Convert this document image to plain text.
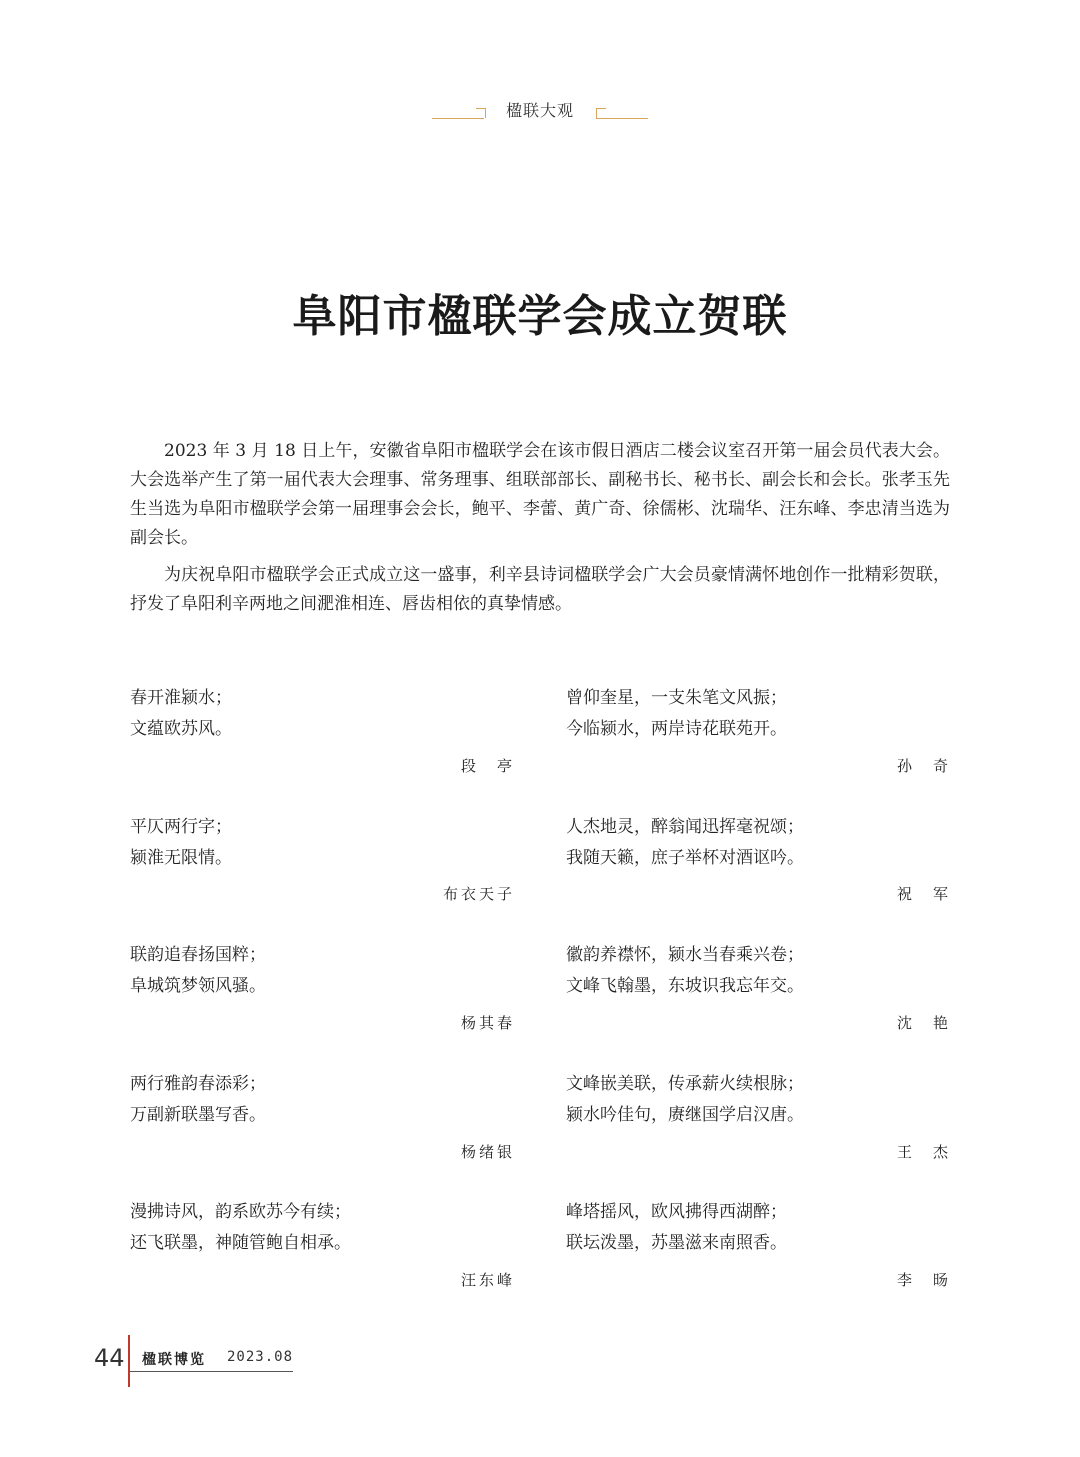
楹联大观
阜阳市楹联学会成立贺联

2023 年 3 月 18 日上午，安徽省阜阳市楹联学会在该市假日酒店二楼会议室召开第一届会员代表大会。大会选举产生了第一届代表大会理事、常务理事、组联部部长、副秘书长、秘书长、副会长和会长。张孝玉先生当选为阜阳市楹联学会第一届理事会会长，鲍平、李蕾、黄广奇、徐儒彬、沈瑞华、汪东峰、李忠清当选为副会长。

为庆祝阜阳市楹联学会正式成立这一盛事，利辛县诗词楹联学会广大会员豪情满怀地创作一批精彩贺联，抒发了阜阳利辛两地之间淝淮相连、唇齿相依的真挚情感。

春开淮颍水；
文蕴欧苏风。
段　亭
曾仰奎星，一支朱笔文风振；
今临颍水，两岸诗花联苑开。
孙　奇
平仄两行字；
颍淮无限情。
布衣天子
人杰地灵，醉翁闻迅挥毫祝颂；
我随天籁，庶子举杯对酒讴吟。
祝　军
联韵追春扬国粹；
阜城筑梦领风骚。
杨其春
徽韵养襟怀，颍水当春乘兴卷；
文峰飞翰墨，东坡识我忘年交。
沈　艳
两行雅韵春添彩；
万副新联墨写香。
杨绪银
文峰嵌美联，传承薪火续根脉；
颍水吟佳句，赓继国学启汉唐。
王　杰
漫拂诗风，韵系欧苏今有续；
还飞联墨，神随管鲍自相承。
汪东峰
峰塔摇风，欧风拂得西湖醉；
联坛泼墨，苏墨滋来南照香。
李　旸
44 楹联博览 2023.08
